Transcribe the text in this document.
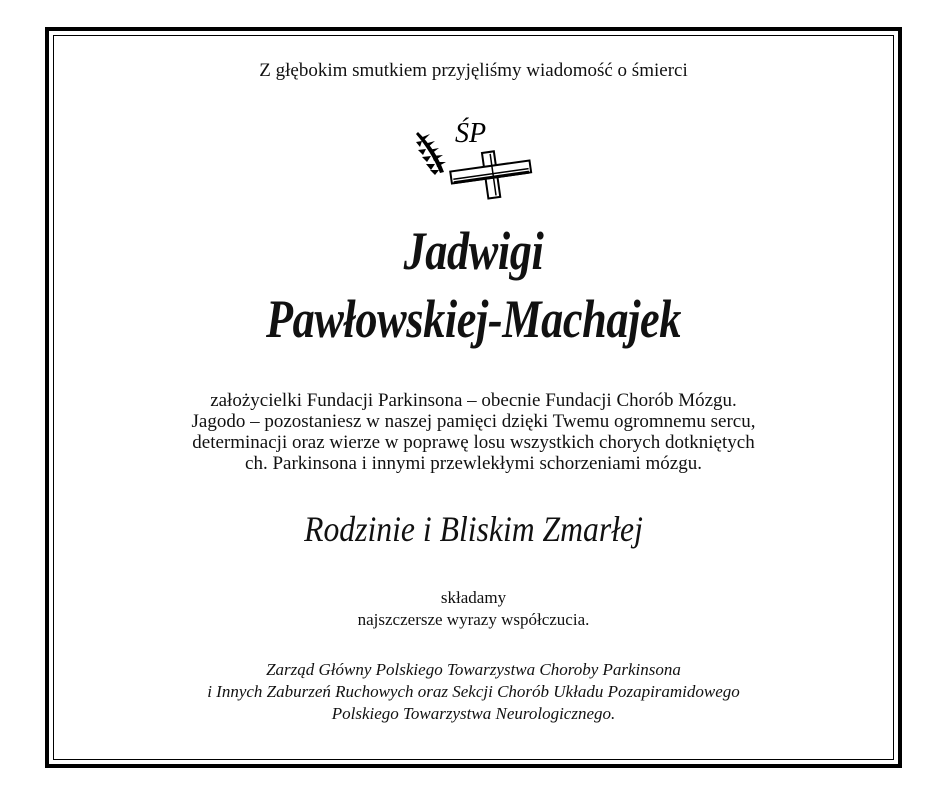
Z głębokim smutkiem przyjęliśmy wiadomość o śmierci
ŚP
Jadwigi
Pawłowskiej-Machajek
założycielki Fundacji Parkinsona – obecnie Fundacji Chorób Mózgu.
Jagodo – pozostaniesz w naszej pamięci dzięki Twemu ogromnemu sercu,
determinacji oraz wierze w poprawę losu wszystkich chorych dotkniętych
ch. Parkinsona i innymi przewlekłymi schorzeniami mózgu.
Rodzinie i Bliskim Zmarłej
składamy
najszczersze wyrazy współczucia.
Zarząd Główny Polskiego Towarzystwa Choroby Parkinsona
i Innych Zaburzeń Ruchowych oraz Sekcji Chorób Układu Pozapiramidowego
Polskiego Towarzystwa Neurologicznego.
